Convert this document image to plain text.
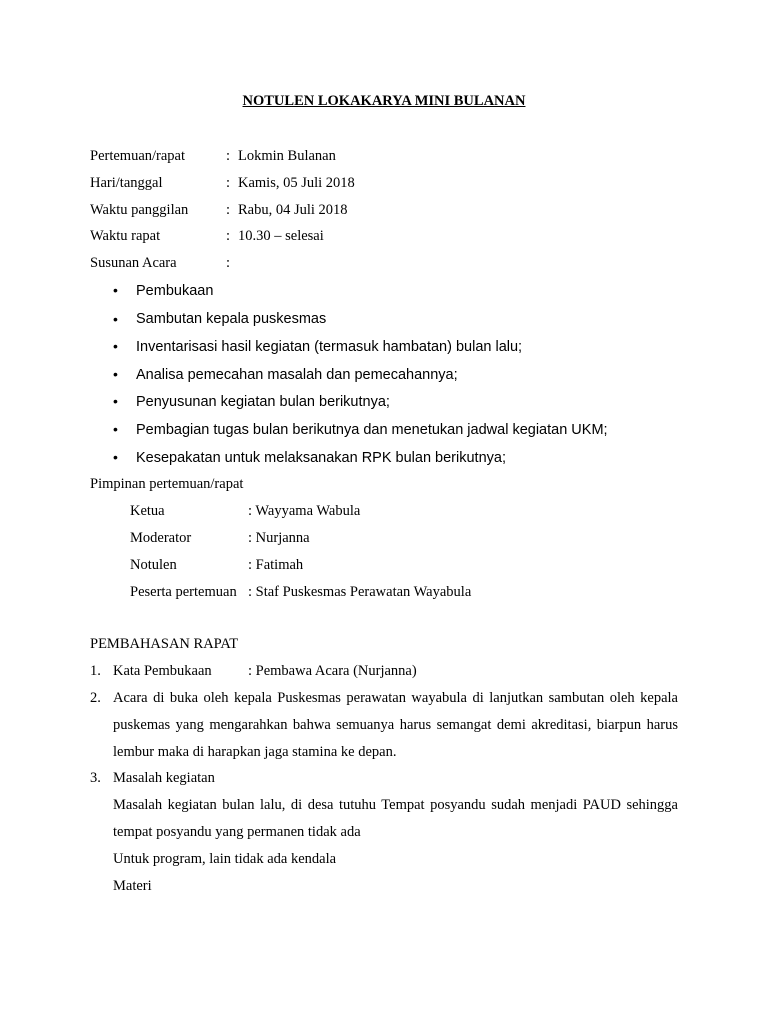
NOTULEN LOKAKARYA MINI BULANAN
Pertemuan/rapat	: Lokmin Bulanan
Hari/tanggal	: Kamis, 05 Juli 2018
Waktu panggilan	: Rabu, 04 Juli 2018
Waktu rapat	: 10.30 – selesai
Susunan Acara	:
• Pembukaan
• Sambutan kepala puskesmas
• Inventarisasi hasil kegiatan (termasuk hambatan) bulan lalu;
• Analisa pemecahan masalah dan pemecahannya;
• Penyusunan kegiatan bulan berikutnya;
• Pembagian tugas bulan berikutnya dan menetukan jadwal kegiatan UKM;
• Kesepakatan untuk melaksanakan RPK bulan berikutnya;
Pimpinan pertemuan/rapat
Ketua	: Wayyama Wabula
Moderator	: Nurjanna
Notulen	: Fatimah
Peserta pertemuan : Staf Puskesmas Perawatan Wayabula
PEMBAHASAN RAPAT
1. Kata Pembukaan	: Pembawa Acara (Nurjanna)
2. Acara di buka oleh kepala Puskesmas perawatan wayabula di lanjutkan sambutan oleh kepala puskemas yang mengarahkan bahwa semuanya harus semangat demi akreditasi, biarpun harus lembur maka di harapkan jaga stamina ke depan.
3. Masalah kegiatan
Masalah kegiatan bulan lalu, di desa tutuhu Tempat posyandu sudah menjadi PAUD sehingga tempat posyandu yang permanen tidak ada
Untuk program, lain tidak ada kendala
Materi
